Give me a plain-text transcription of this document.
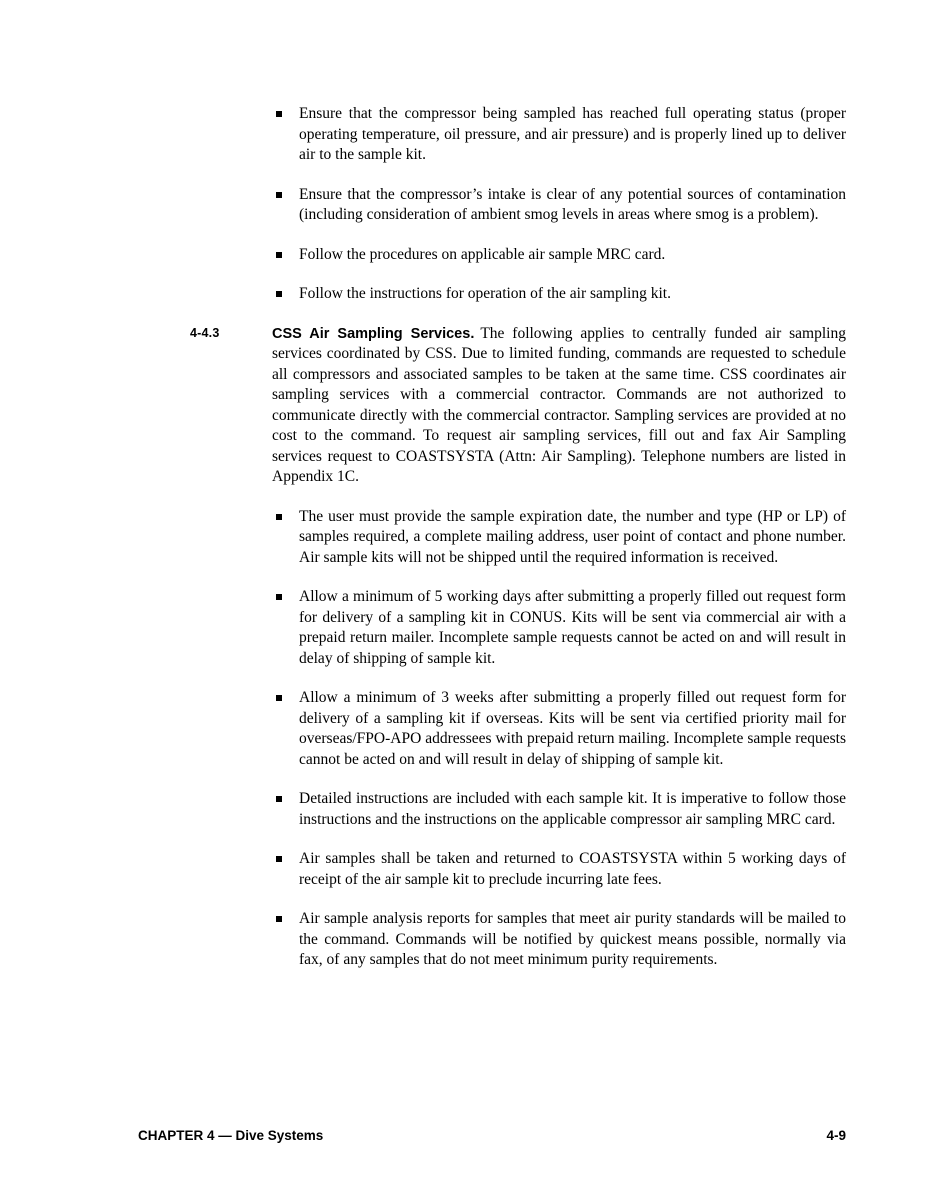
Ensure that the compressor being sampled has reached full operating status (proper operating temperature, oil pressure, and air pressure) and is properly lined up to deliver air to the sample kit.
Ensure that the compressor’s intake is clear of any potential sources of contamination (including consideration of ambient smog levels in areas where smog is a problem).
Follow the procedures on applicable air sample MRC card.
Follow the instructions for operation of the air sampling kit.
4-4.3	CSS Air Sampling Services. The following applies to centrally funded air sampling services coordinated by CSS. Due to limited funding, commands are requested to schedule all compressors and associated samples to be taken at the same time. CSS coordinates air sampling services with a commercial contractor. Commands are not authorized to communicate directly with the commercial contractor. Sampling services are provided at no cost to the command. To request air sampling services, fill out and fax Air Sampling services request to COASTSYSTA (Attn: Air Sampling). Telephone numbers are listed in Appendix 1C.

The user must provide the sample expiration date, the number and type (HP or LP) of samples required, a complete mailing address, user point of contact and phone number. Air sample kits will not be shipped until the required information is received.
Allow a minimum of 5 working days after submitting a properly filled out request form for delivery of a sampling kit in CONUS. Kits will be sent via commercial air with a prepaid return mailer. Incomplete sample requests cannot be acted on and will result in delay of shipping of sample kit.
Allow a minimum of 3 weeks after submitting a properly filled out request form for delivery of a sampling kit if overseas. Kits will be sent via certified priority mail for overseas/FPO-APO addressees with prepaid return mailing. Incomplete sample requests cannot be acted on and will result in delay of shipping of sample kit.
Detailed instructions are included with each sample kit. It is imperative to follow those instructions and the instructions on the applicable compressor air sampling MRC card.
Air samples shall be taken and returned to COASTSYSTA within 5 working days of receipt of the air sample kit to preclude incurring late fees.
Air sample analysis reports for samples that meet air purity standards will be mailed to the command. Commands will be notified by quickest means possible, normally via fax, of any samples that do not meet minimum purity requirements.
CHAPTER 4 — Dive Systems	4-9
